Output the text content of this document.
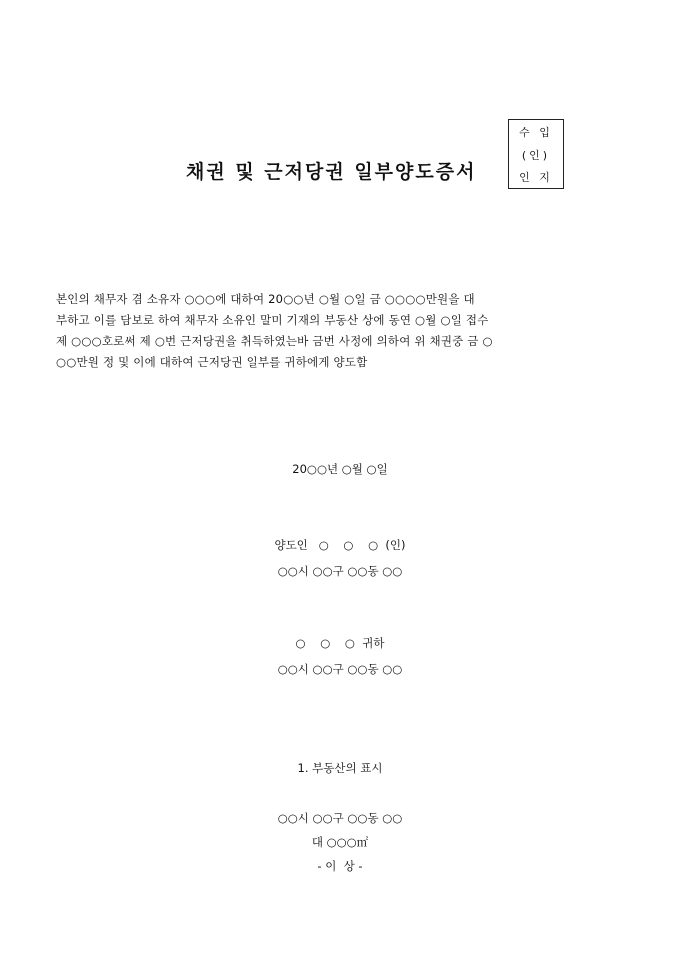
채권 및 근저당권 일부양도증서
수 입
(인)
인 지
본인의 채무자 겸 소유자 ○○○에 대하여 20○○년 ○월 ○일 금 ○○○○만원을 대
부하고 이를 담보로 하여 채무자 소유인 말미 기재의 부동산 상에 동연 ○월 ○일 접수
제 ○○○호로써 제 ○번 근저당권을 취득하였는바 금번 사정에 의하여 위 채권중 금 ○
○○만원 정 및 이에 대하여 근저당권 일부를 귀하에게 양도함
20○○년 ○월 ○일
양도인   ○    ○    ○  (인)
○○시 ○○구 ○○동 ○○
○    ○    ○  귀하
○○시 ○○구 ○○동 ○○
1. 부동산의 표시
○○시 ○○구 ○○동 ○○
대 ○○○㎡
- 이  상 -
